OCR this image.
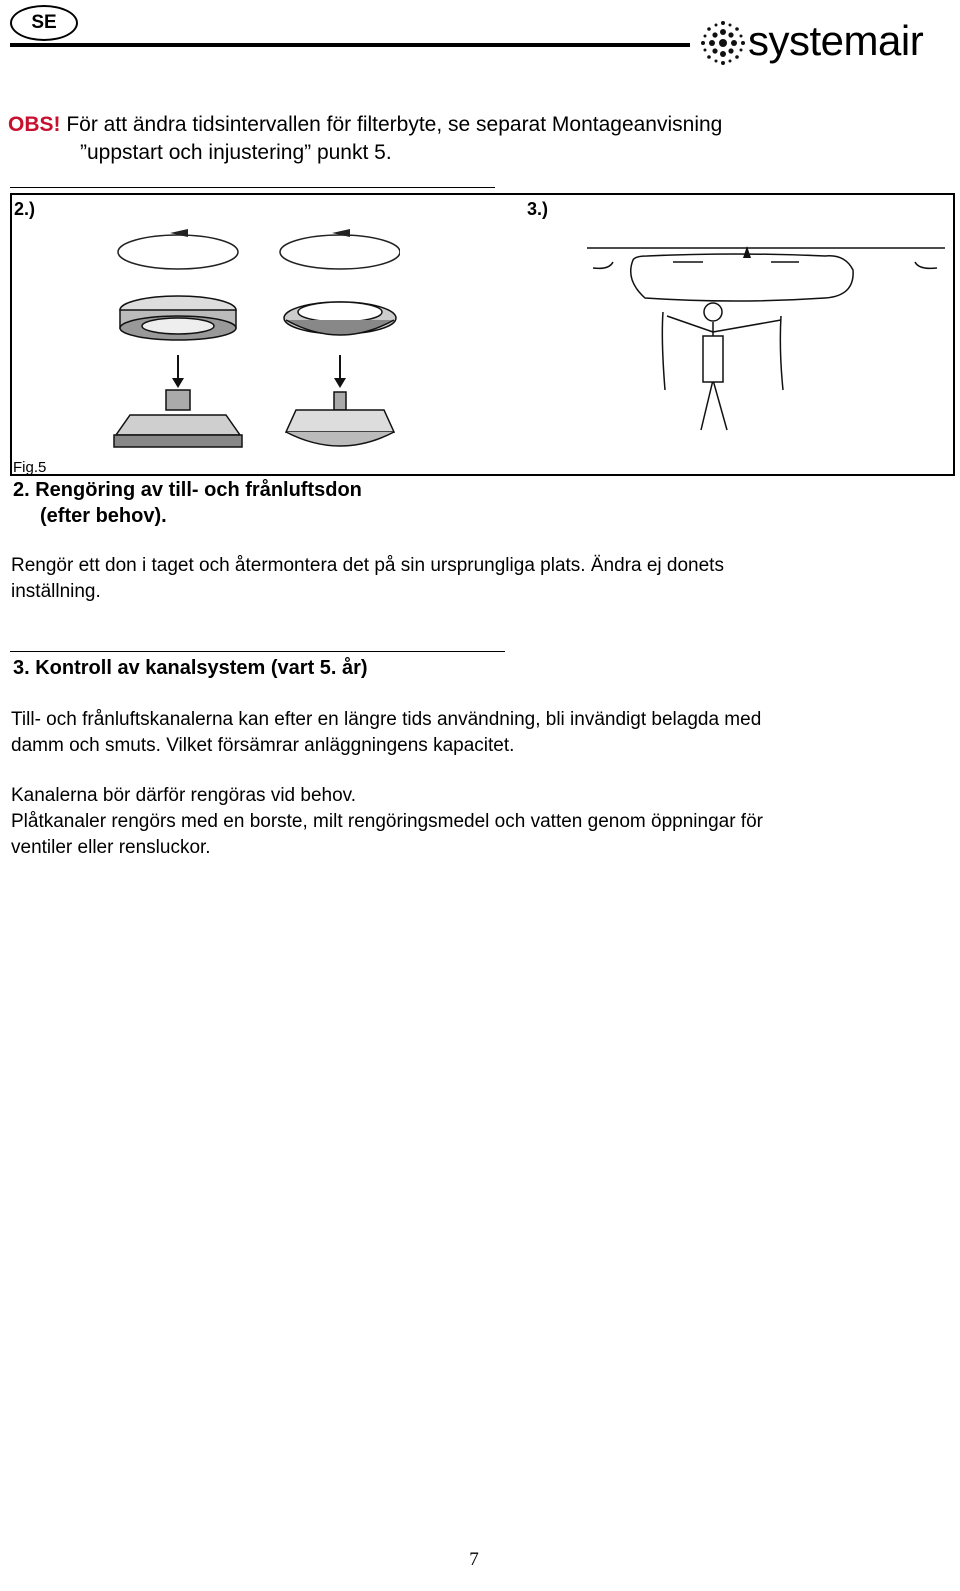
SE	systemair
OBS! För att ändra tidsintervallen för filterbyte, se separat Montageanvisning
”uppstart och injustering” punkt 5.
2.)	3.)
Fig.5
2. Rengöring av till- och frånluftsdon
(efter behov).
Rengör ett don i taget och återmontera det på sin ursprungliga plats. Ändra ej donets
inställning.
3. Kontroll av kanalsystem (vart 5. år)
Till- och frånluftskanalerna kan efter en längre tids användning, bli invändigt belagda med
damm och smuts. Vilket försämrar anläggningens kapacitet.
Kanalerna bör därför rengöras vid behov.
Plåtkanaler rengörs med en borste, milt rengöringsmedel och vatten genom öppningar för
ventiler eller rensluckor.
7
